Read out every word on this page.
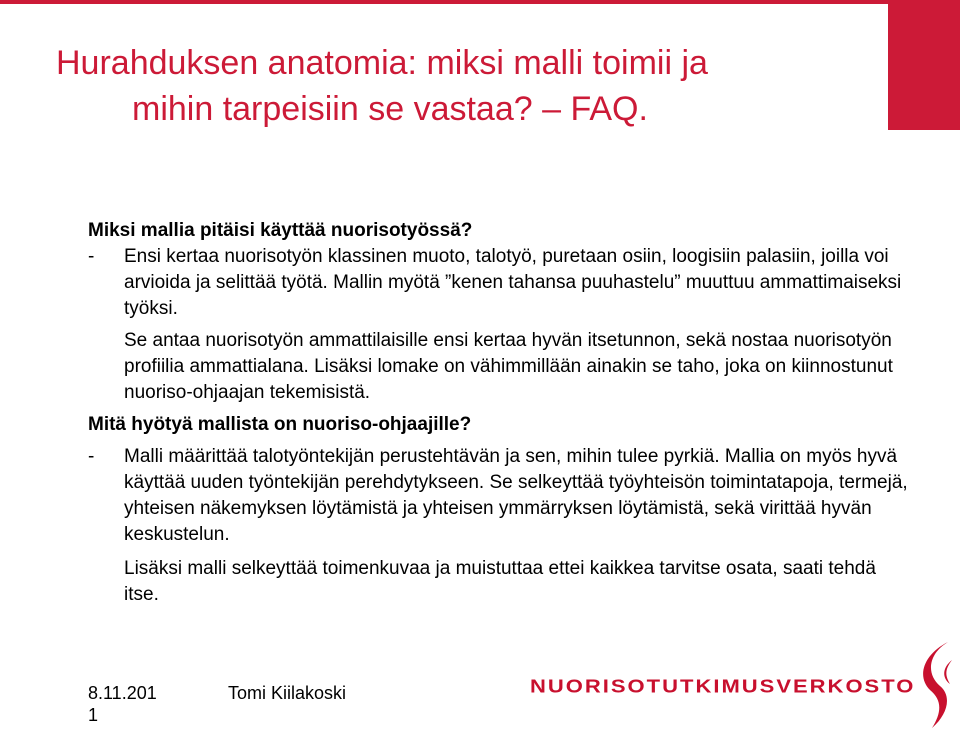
Hurahduksen anatomia: miksi malli toimii ja
mihin tarpeisiin se vastaa? – FAQ.

Miksi mallia pitäisi käyttää nuorisotyössä?

-	Ensi kertaa nuorisotyön klassinen muoto, talotyö, puretaan osiin, loogisiin palasiin, joilla voi arvioida ja selittää työtä. Mallin myötä ”kenen tahansa puuhastelu” muuttuu ammattimaiseksi työksi.

Se antaa nuorisotyön ammattilaisille ensi kertaa hyvän itsetunnon, sekä nostaa nuorisotyön profiilia ammattialana. Lisäksi lomake on vähimmillään ainakin se taho, joka on kiinnostunut nuoriso-ohjaajan tekemisistä.

Mitä hyötyä mallista on nuoriso-ohjaajille?

-	Malli määrittää talotyöntekijän perustehtävän ja sen, mihin tulee pyrkiä. Mallia on myös hyvä käyttää uuden työntekijän perehdytykseen. Se selkeyttää työyhteisön toimintatapoja, termejä, yhteisen näkemyksen löytämistä ja yhteisen ymmärryksen löytämistä, sekä virittää hyvän keskustelun.

Lisäksi malli selkeyttää toimenkuvaa ja muistuttaa ettei kaikkea tarvitse osata, saati tehdä itse.

8.11.201
1
Tomi Kiilakoski	NUORISOTUTKIMUSVERKOSTO
